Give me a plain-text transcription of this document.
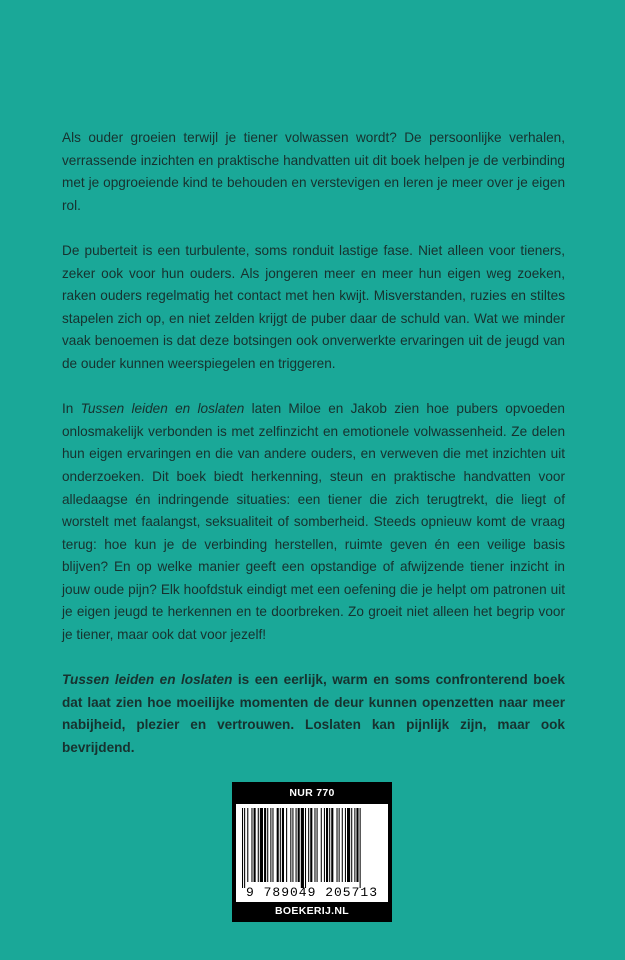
Als ouder groeien terwijl je tiener volwassen wordt? De persoonlijke verhalen, verrassende inzichten en praktische handvatten uit dit boek helpen je de verbinding met je opgroeiende kind te behouden en verstevigen en leren je meer over je eigen rol.

De puberteit is een turbulente, soms ronduit lastige fase. Niet alleen voor tieners, zeker ook voor hun ouders. Als jongeren meer en meer hun eigen weg zoeken, raken ouders regelmatig het contact met hen kwijt. Misverstanden, ruzies en stiltes stapelen zich op, en niet zelden krijgt de puber daar de schuld van. Wat we minder vaak benoemen is dat deze botsingen ook onverwerkte ervaringen uit de jeugd van de ouder kunnen weerspiegelen en triggeren.

In Tussen leiden en loslaten laten Miloe en Jakob zien hoe pubers opvoeden onlosmakelijk verbonden is met zelfinzicht en emotionele volwassenheid. Ze delen hun eigen ervaringen en die van andere ouders, en verweven die met inzichten uit onderzoeken. Dit boek biedt herkenning, steun en praktische handvatten voor alledaagse én indringende situaties: een tiener die zich terugtrekt, die liegt of worstelt met faalangst, seksualiteit of somberheid. Steeds opnieuw komt de vraag terug: hoe kun je de verbinding herstellen, ruimte geven én een veilige basis blijven? En op welke manier geeft een opstandige of afwijzende tiener inzicht in jouw oude pijn? Elk hoofdstuk eindigt met een oefening die je helpt om patronen uit je eigen jeugd te herkennen en te doorbreken. Zo groeit niet alleen het begrip voor je tiener, maar ook dat voor jezelf!

Tussen leiden en loslaten is een eerlijk, warm en soms confronterend boek dat laat zien hoe moeilijke momenten de deur kunnen openzetten naar meer nabijheid, plezier en vertrouwen. Loslaten kan pijnlijk zijn, maar ook bevrijdend.

NUR 770
9 789049 205713
BOEKERIJ.NL
